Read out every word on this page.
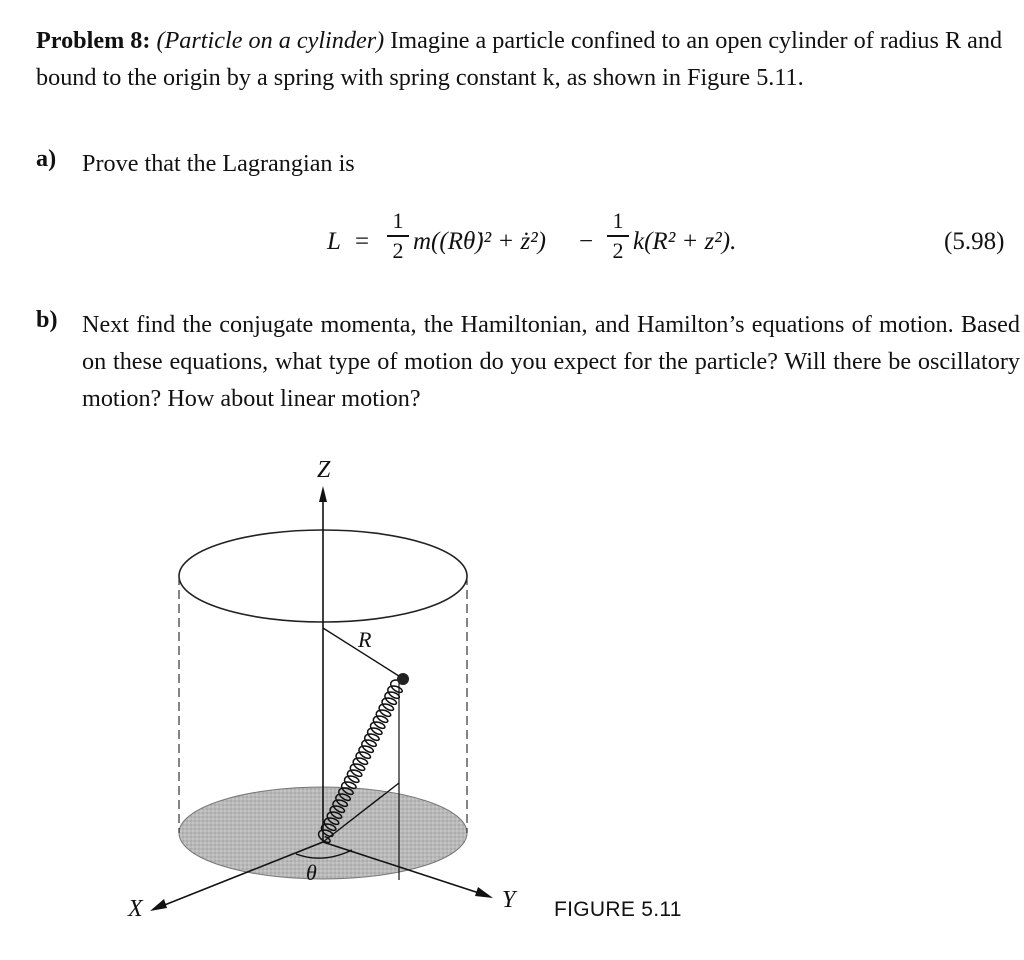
Problem 8: (Particle on a cylinder) Imagine a particle confined to an open cylinder of radius R and bound to the origin by a spring with spring constant k, as shown in Figure 5.11.
a) Prove that the Lagrangian is
L =
1
2 m((Rθ̇)² + ż²) −
1
2 k(R² + z²).	(5.98)
b) Next find the conjugate momenta, the Hamiltonian, and Hamilton’s equations of motion. Based on these equations, what type of motion do you expect for the particle? Will there be oscillatory motion? How about linear motion?
Z
X	Y
θ
R
FIGURE 5.11
